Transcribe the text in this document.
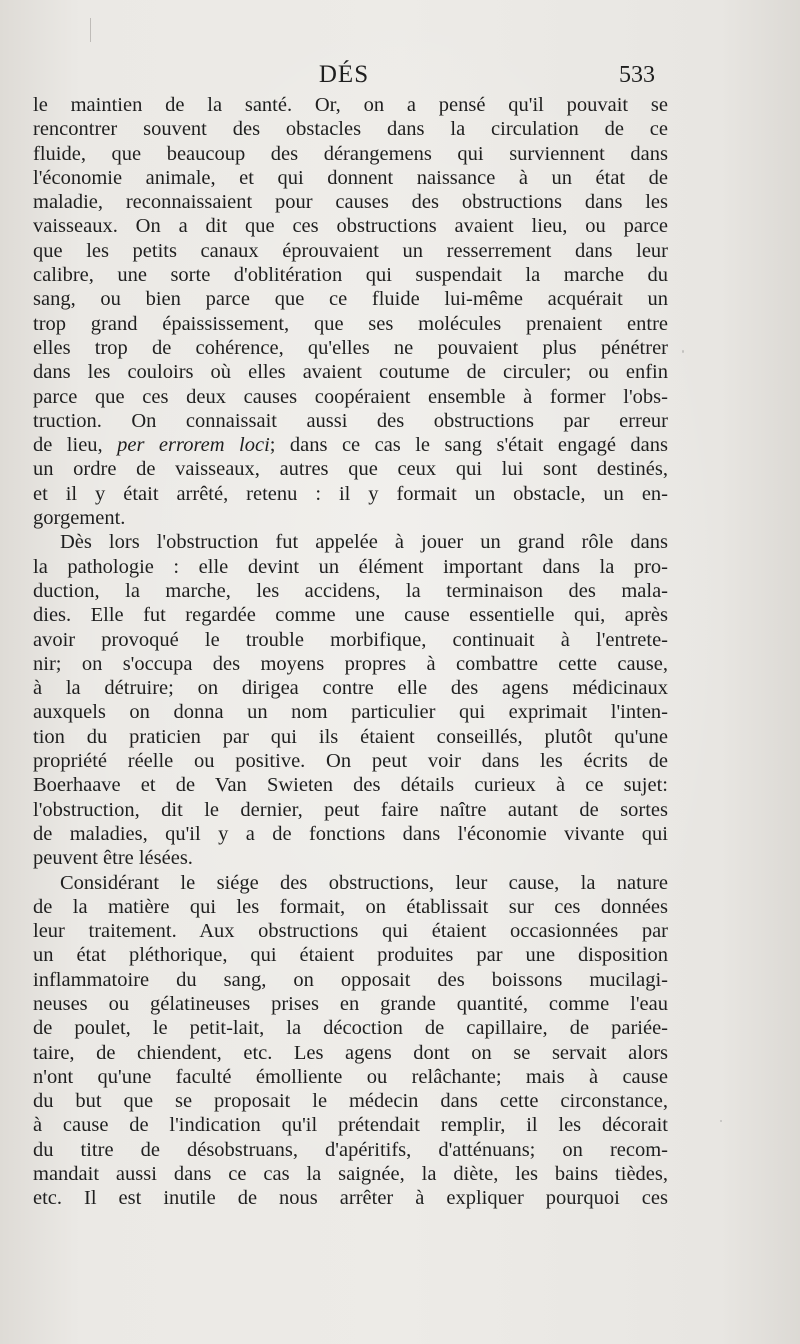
DÉS	533

le maintien de la santé. Or, on a pensé qu'il pouvait se
rencontrer souvent des obstacles dans la circulation de ce
fluide, que beaucoup des dérangemens qui surviennent dans
l'économie animale, et qui donnent naissance à un état de
maladie, reconnaissaient pour causes des obstructions dans les
vaisseaux. On a dit que ces obstructions avaient lieu, ou parce
que les petits canaux éprouvaient un resserrement dans leur
calibre, une sorte d'oblitération qui suspendait la marche du
sang, ou bien parce que ce fluide lui-même acquérait un
trop grand épaississement, que ses molécules prenaient entre
elles trop de cohérence, qu'elles ne pouvaient plus pénétrer
dans les couloirs où elles avaient coutume de circuler; ou enfin
parce que ces deux causes coopéraient ensemble à former l'obs-
truction. On connaissait aussi des obstructions par erreur
de lieu, per errorem loci; dans ce cas le sang s'était engagé dans
un ordre de vaisseaux, autres que ceux qui lui sont destinés,
et il y était arrêté, retenu : il y formait un obstacle, un en-
gorgement.

Dès lors l'obstruction fut appelée à jouer un grand rôle dans
la pathologie : elle devint un élément important dans la pro-
duction, la marche, les accidens, la terminaison des mala-
dies. Elle fut regardée comme une cause essentielle qui, après
avoir provoqué le trouble morbifique, continuait à l'entrete-
nir; on s'occupa des moyens propres à combattre cette cause,
à la détruire; on dirigea contre elle des agens médicinaux
auxquels on donna un nom particulier qui exprimait l'inten-
tion du praticien par qui ils étaient conseillés, plutôt qu'une
propriété réelle ou positive. On peut voir dans les écrits de
Boerhaave et de Van Swieten des détails curieux à ce sujet:
l'obstruction, dit le dernier, peut faire naître autant de sortes
de maladies, qu'il y a de fonctions dans l'économie vivante qui
peuvent être lésées.

Considérant le siége des obstructions, leur cause, la nature
de la matière qui les formait, on établissait sur ces données
leur traitement. Aux obstructions qui étaient occasionnées par
un état pléthorique, qui étaient produites par une disposition
inflammatoire du sang, on opposait des boissons mucilagi-
neuses ou gélatineuses prises en grande quantité, comme l'eau
de poulet, le petit-lait, la décoction de capillaire, de pariée-
taire, de chiendent, etc. Les agens dont on se servait alors
n'ont qu'une faculté émolliente ou relâchante; mais à cause
du but que se proposait le médecin dans cette circonstance,
à cause de l'indication qu'il prétendait remplir, il les décorait
du titre de désobstruans, d'apéritifs, d'atténuans; on recom-
mandait aussi dans ce cas la saignée, la diète, les bains tièdes,
etc. Il est inutile de nous arrêter à expliquer pourquoi ces
